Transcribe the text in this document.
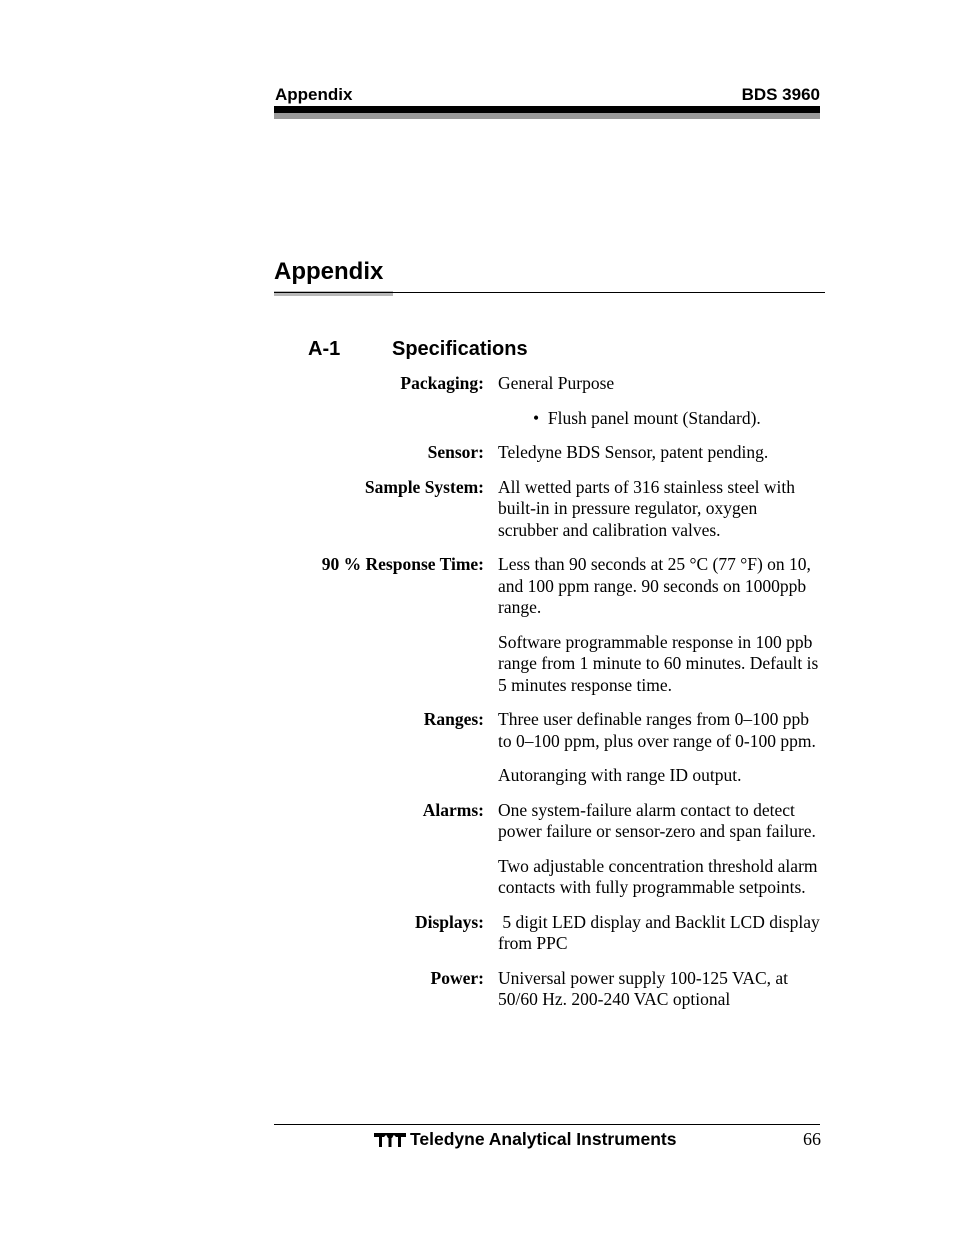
Appendix	BDS 3960
Appendix
A-1	Specifications
Packaging: General Purpose

•  Flush panel mount (Standard).

Sensor: Teledyne BDS Sensor, patent pending.

Sample System: All wetted parts of 316 stainless steel with built-in in pressure regulator, oxygen scrubber and calibration valves.

90 % Response Time: Less than 90 seconds at 25 °C (77 °F) on 10, and 100 ppm range. 90 seconds on 1000ppb range.

Software programmable response in 100 ppb range from 1 minute to 60 minutes. Default is 5 minutes response time.

Ranges: Three user definable ranges from 0–100 ppb to 0–100 ppm, plus over range of 0-100 ppm.

Autoranging with range ID output.

Alarms: One system-failure alarm contact to detect power failure or sensor-zero and span failure.

Two adjustable concentration threshold alarm contacts with fully programmable setpoints.

Displays: 5 digit LED display and Backlit LCD display from PPC

Power: Universal power supply 100-125 VAC, at 50/60 Hz. 200-240 VAC optional

Teledyne Analytical Instruments	66
